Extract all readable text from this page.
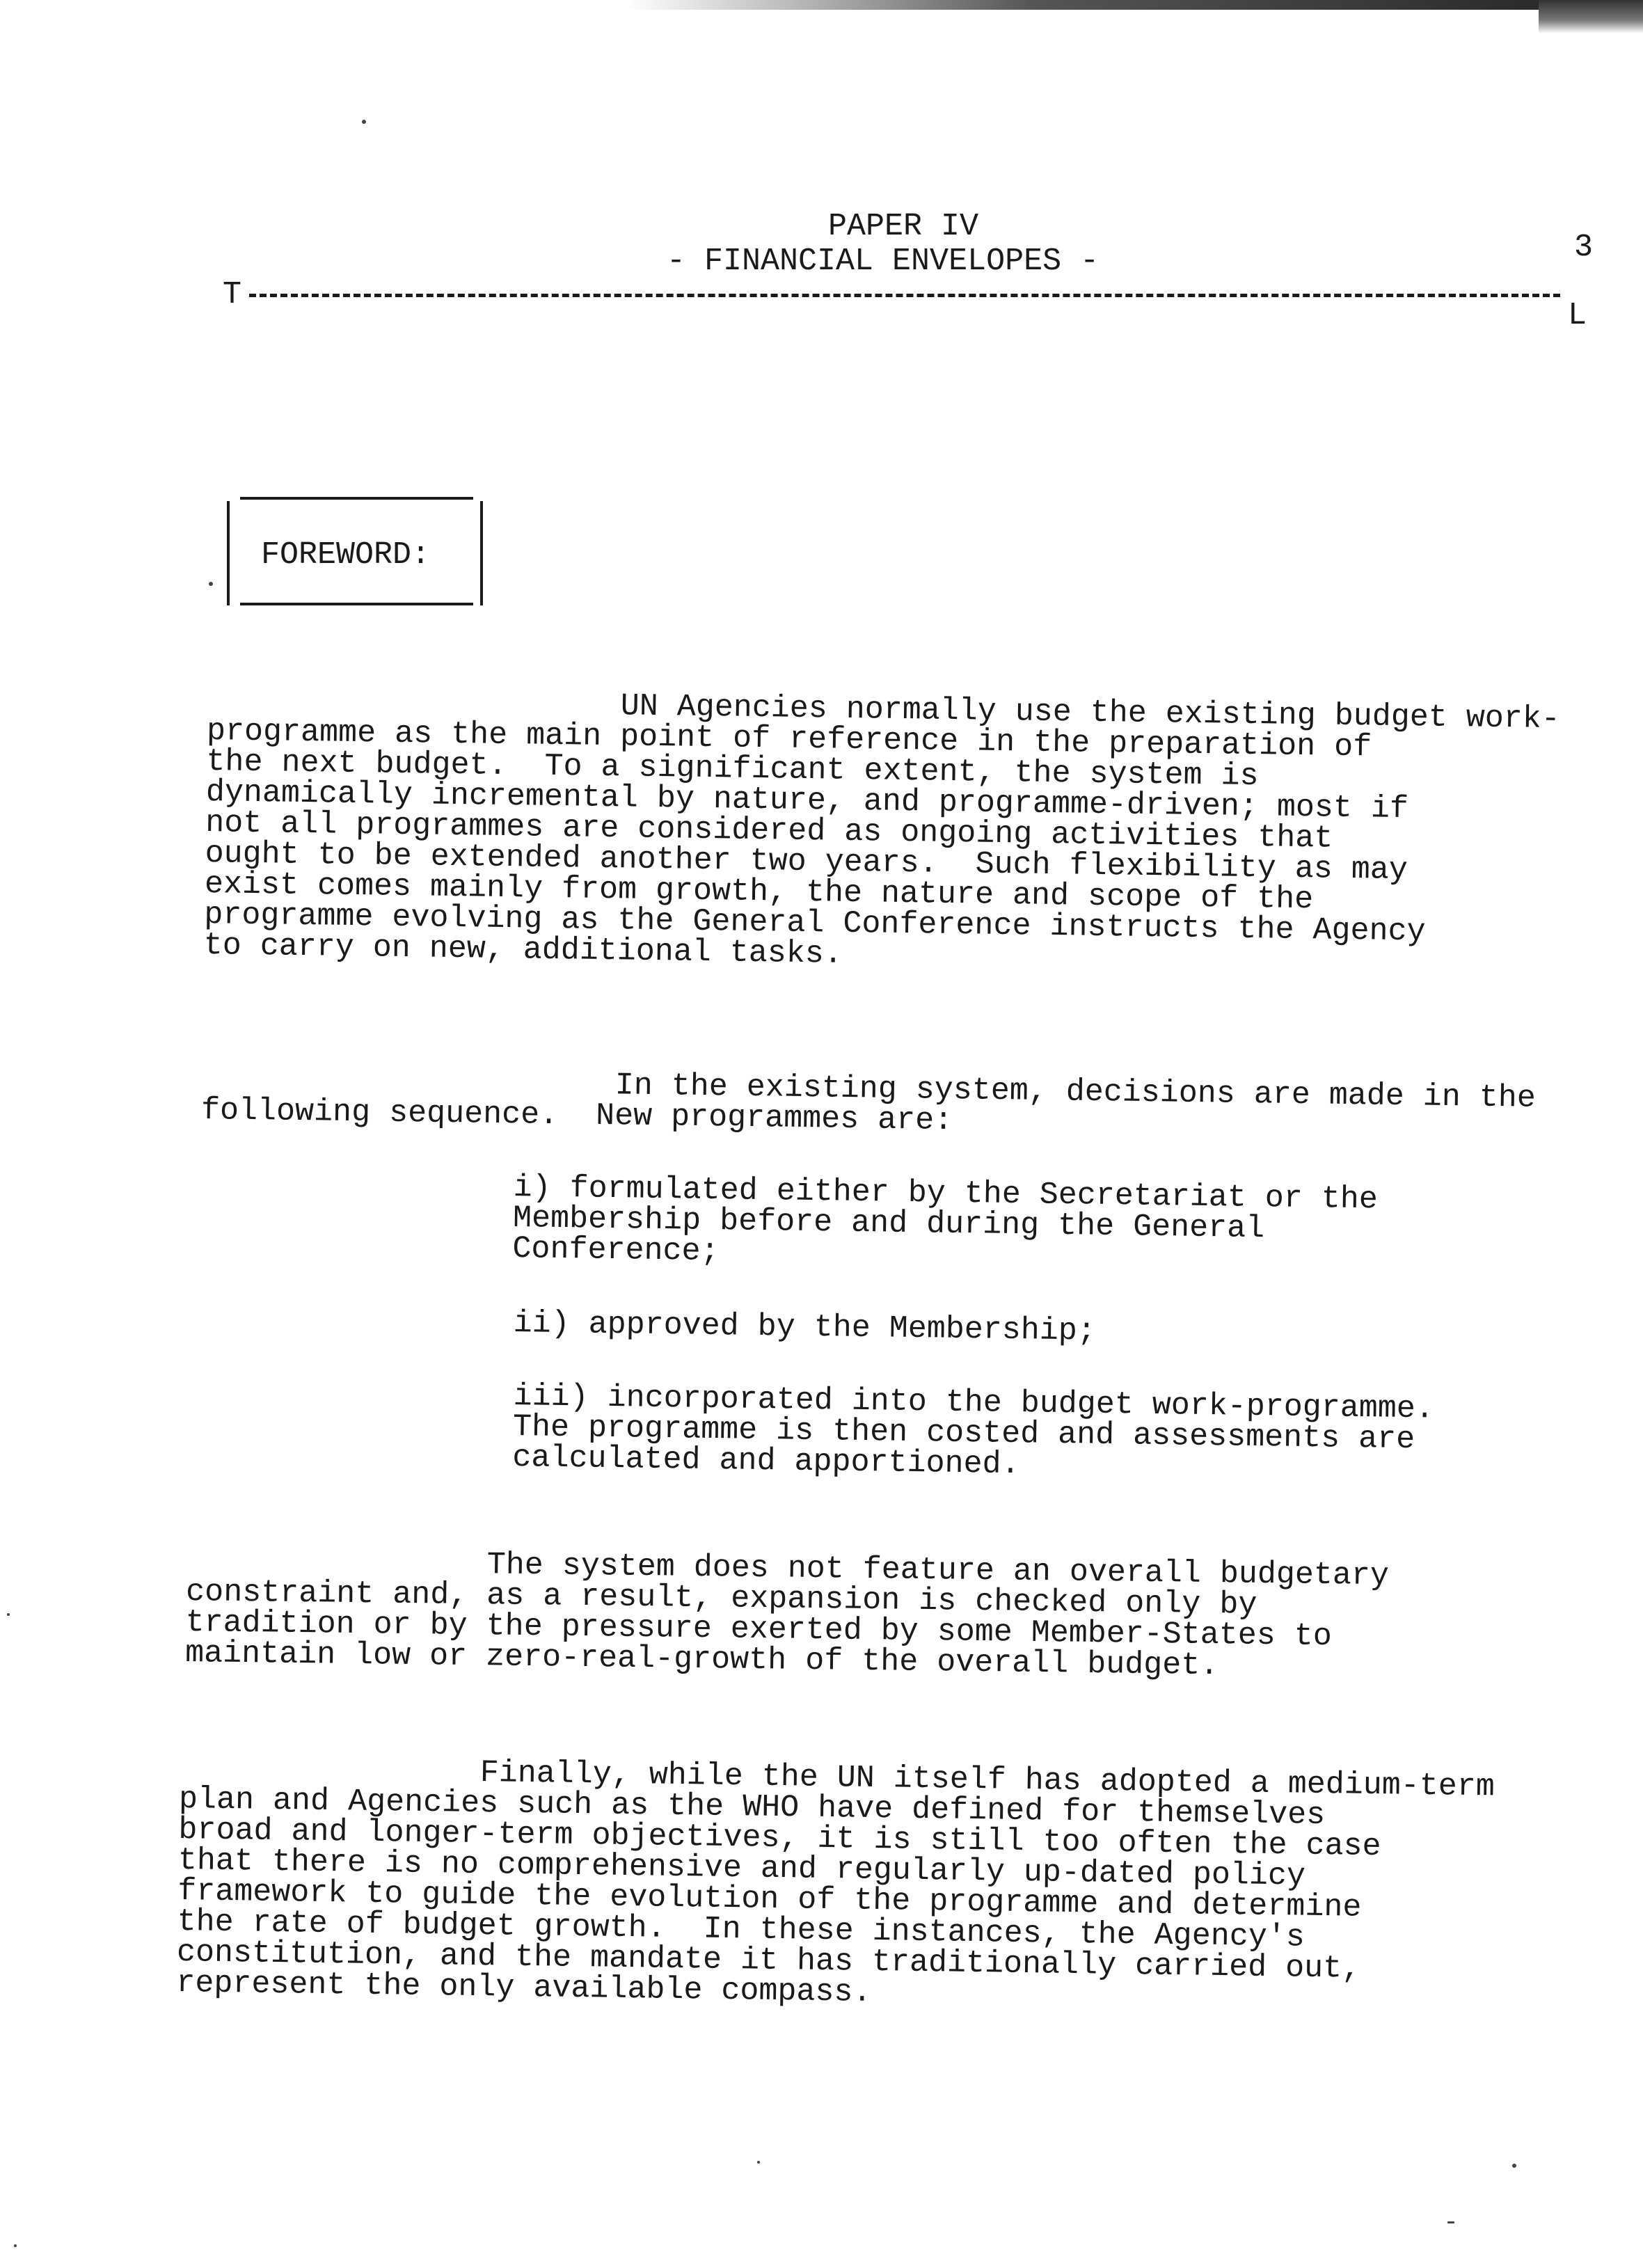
PAPER IV
- FINANCIAL ENVELOPES -	3
T
L
FOREWORD:

UN Agencies normally use the existing budget work-
programme as the main point of reference in the preparation of
the next budget.  To a significant extent, the system is
dynamically incremental by nature, and programme-driven; most if
not all programmes are considered as ongoing activities that
ought to be extended another two years.  Such flexibility as may
exist comes mainly from growth, the nature and scope of the
programme evolving as the General Conference instructs the Agency
to carry on new, additional tasks.

In the existing system, decisions are made in the
following sequence.  New programmes are:

i) formulated either by the Secretariat or the
Membership before and during the General
Conference;

ii) approved by the Membership;

iii) incorporated into the budget work-programme.
The programme is then costed and assessments are
calculated and apportioned.

The system does not feature an overall budgetary
constraint and, as a result, expansion is checked only by
tradition or by the pressure exerted by some Member-States to
maintain low or zero-real-growth of the overall budget.

Finally, while the UN itself has adopted a medium-term
plan and Agencies such as the WHO have defined for themselves
broad and longer-term objectives, it is still too often the case
that there is no comprehensive and regularly up-dated policy
framework to guide the evolution of the programme and determine
the rate of budget growth.  In these instances, the Agency's
constitution, and the mandate it has traditionally carried out,
represent the only available compass.
